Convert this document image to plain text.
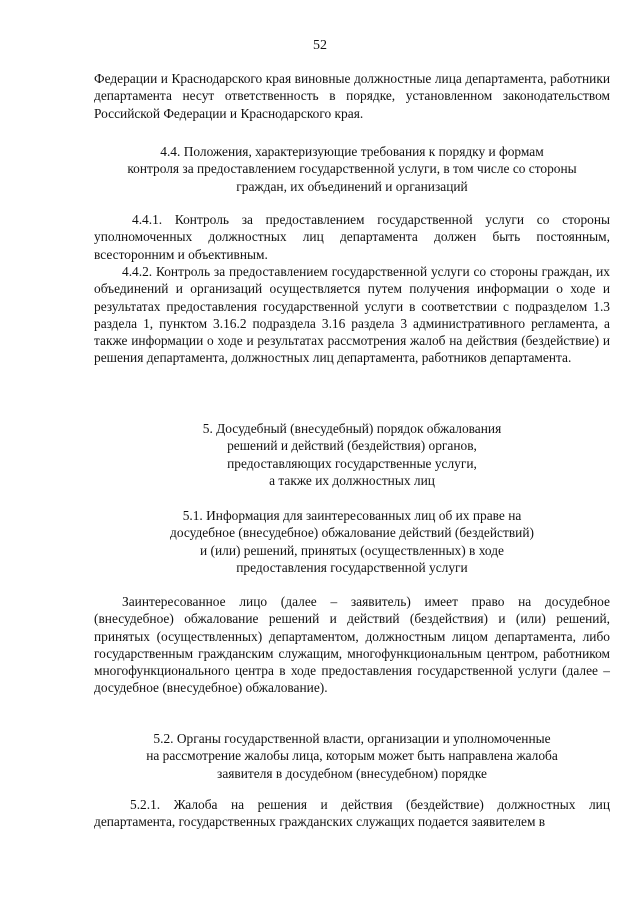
52
Федерации и Краснодарского края виновные должностные лица департамента, работники департамента несут ответственность в порядке, установленном законодательством Российской Федерации и Краснодарского края.
4.4. Положения, характеризующие требования к порядку и формам
контроля за предоставлением государственной услуги, в том числе со стороны
граждан, их объединений и организаций
4.4.1. Контроль за предоставлением государственной услуги со стороны уполномоченных должностных лиц департамента должен быть постоянным, всесторонним и объективным.
4.4.2. Контроль за предоставлением государственной услуги со стороны граждан, их объединений и организаций осуществляется путем получения информации о ходе и результатах предоставления государственной услуги в соответствии с подразделом 1.3 раздела 1, пунктом 3.16.2 подраздела 3.16 раздела 3 административного регламента, а также информации о ходе и результатах рассмотрения жалоб на действия (бездействие) и решения департамента, должностных лиц департамента, работников департамента.
5. Досудебный (внесудебный) порядок обжалования
решений и действий (бездействия) органов,
предоставляющих государственные услуги,
а также их должностных лиц
5.1. Информация для заинтересованных лиц об их праве на
досудебное (внесудебное) обжалование действий (бездействий)
и (или) решений, принятых (осуществленных) в ходе
предоставления государственной услуги
Заинтересованное лицо (далее – заявитель) имеет право на досудебное (внесудебное) обжалование решений и действий (бездействия) и (или) решений, принятых (осуществленных) департаментом, должностным лицом департамента, либо государственным гражданским служащим, многофункциональным центром, работником многофункционального центра в ходе предоставления государственной услуги (далее – досудебное (внесудебное) обжалование).
5.2. Органы государственной власти, организации и уполномоченные
на рассмотрение жалобы лица, которым может быть направлена жалоба
заявителя в досудебном (внесудебном) порядке
5.2.1. Жалоба на решения и действия (бездействие) должностных лиц департамента, государственных гражданских служащих подается заявителем в
